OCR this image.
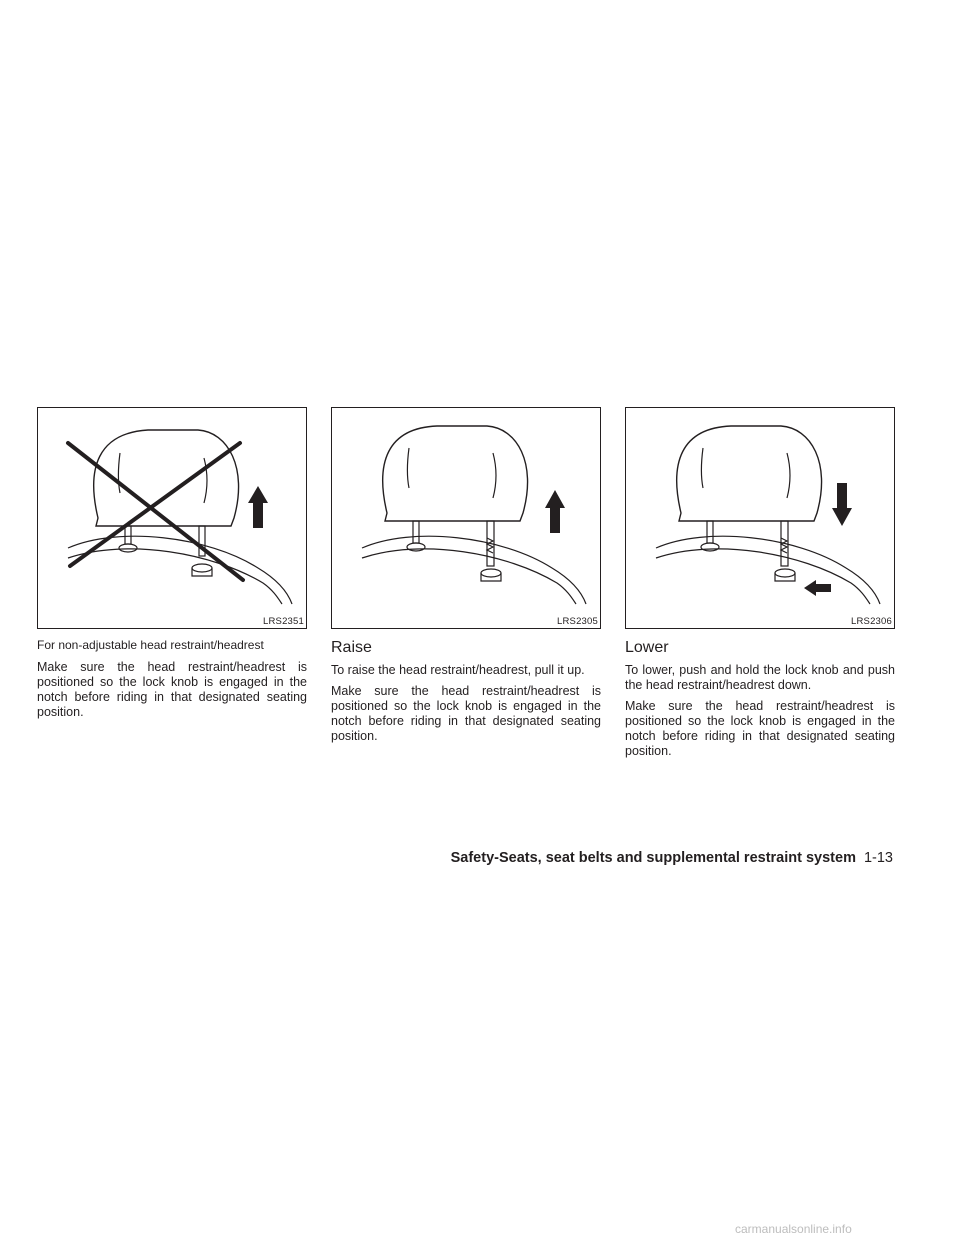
LRS2351

For non-adjustable head restraint/headrest

Make sure the head restraint/headrest is positioned so the lock knob is engaged in the notch before riding in that designated seating position.

LRS2305
Raise

To raise the head restraint/headrest, pull it up.

Make sure the head restraint/headrest is positioned so the lock knob is engaged in the notch before riding in that designated seating position.

LRS2306
Lower

To lower, push and hold the lock knob and push the head restraint/headrest down.

Make sure the head restraint/headrest is positioned so the lock knob is engaged in the notch before riding in that designated seating position.

Safety-Seats, seat belts and supplemental restraint system 1-13
carmanualsonline.info
